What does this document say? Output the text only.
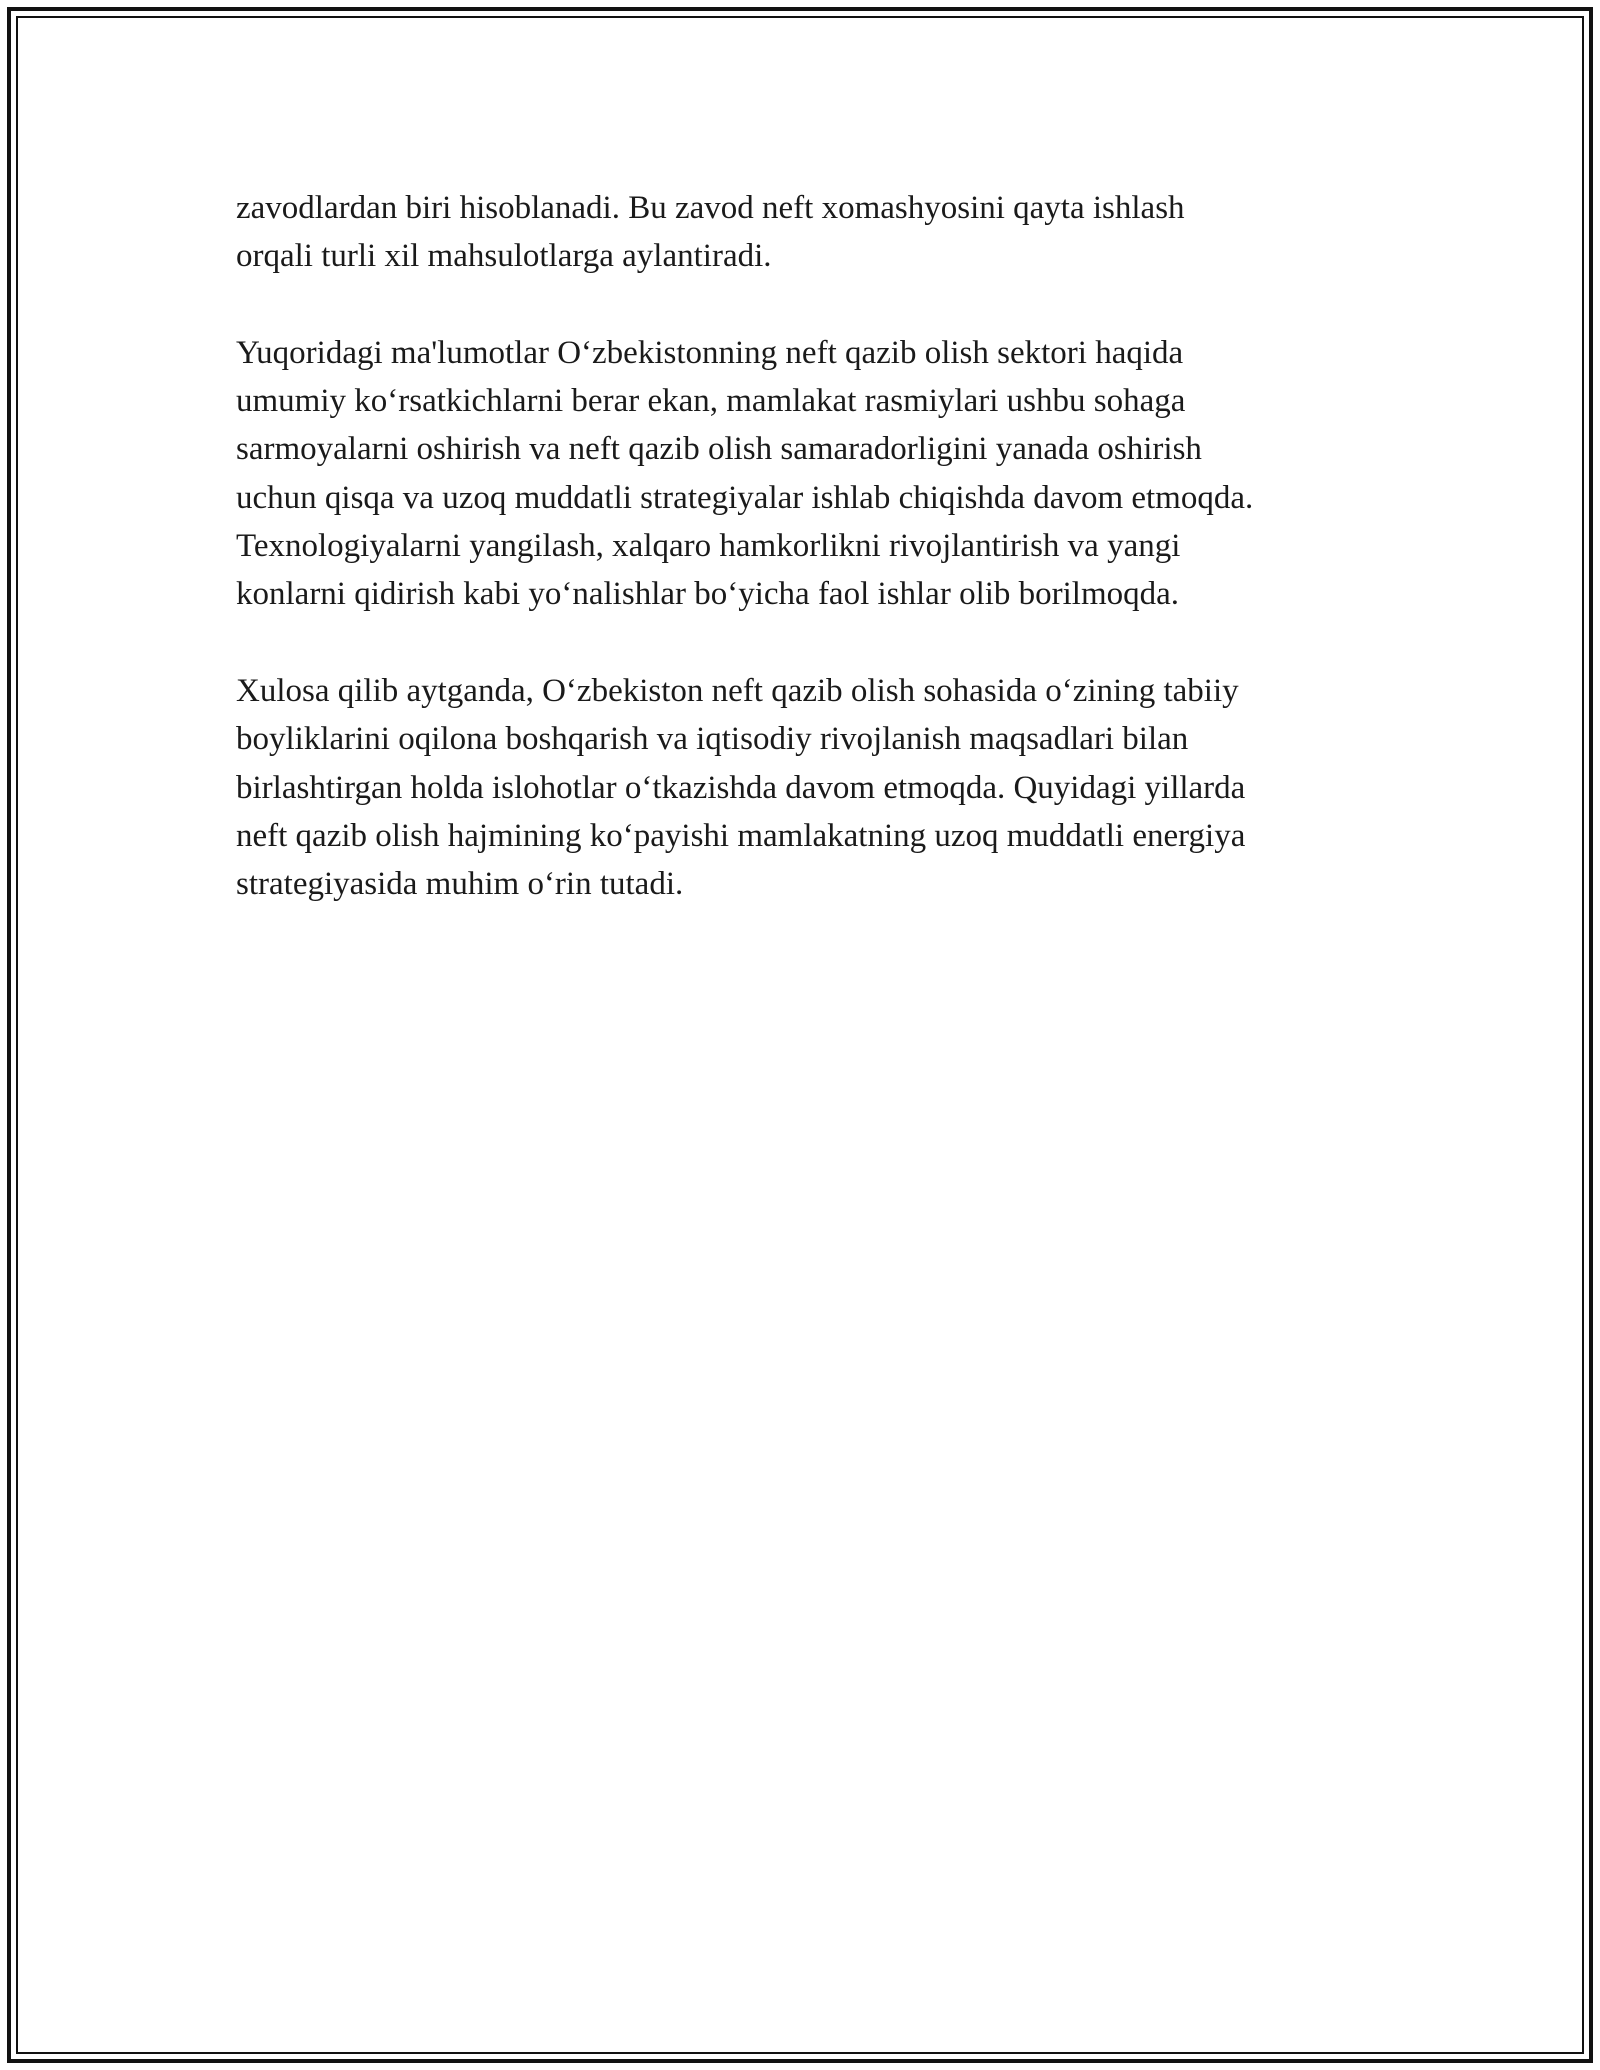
zavodlardan biri hisoblanadi. Bu zavod neft xomashyosini qayta ishlash
orqali turli xil mahsulotlarga aylantiradi.

Yuqoridagi ma'lumotlar O‘zbekistonning neft qazib olish sektori haqida
umumiy ko‘rsatkichlarni berar ekan, mamlakat rasmiylari ushbu sohaga
sarmoyalarni oshirish va neft qazib olish samaradorligini yanada oshirish
uchun qisqa va uzoq muddatli strategiyalar ishlab chiqishda davom etmoqda.
Texnologiyalarni yangilash, xalqaro hamkorlikni rivojlantirish va yangi
konlarni qidirish kabi yo‘nalishlar bo‘yicha faol ishlar olib borilmoqda.

Xulosa qilib aytganda, O‘zbekiston neft qazib olish sohasida o‘zining tabiiy
boyliklarini oqilona boshqarish va iqtisodiy rivojlanish maqsadlari bilan
birlashtirgan holda islohotlar o‘tkazishda davom etmoqda. Quyidagi yillarda
neft qazib olish hajmining ko‘payishi mamlakatning uzoq muddatli energiya
strategiyasida muhim o‘rin tutadi.
